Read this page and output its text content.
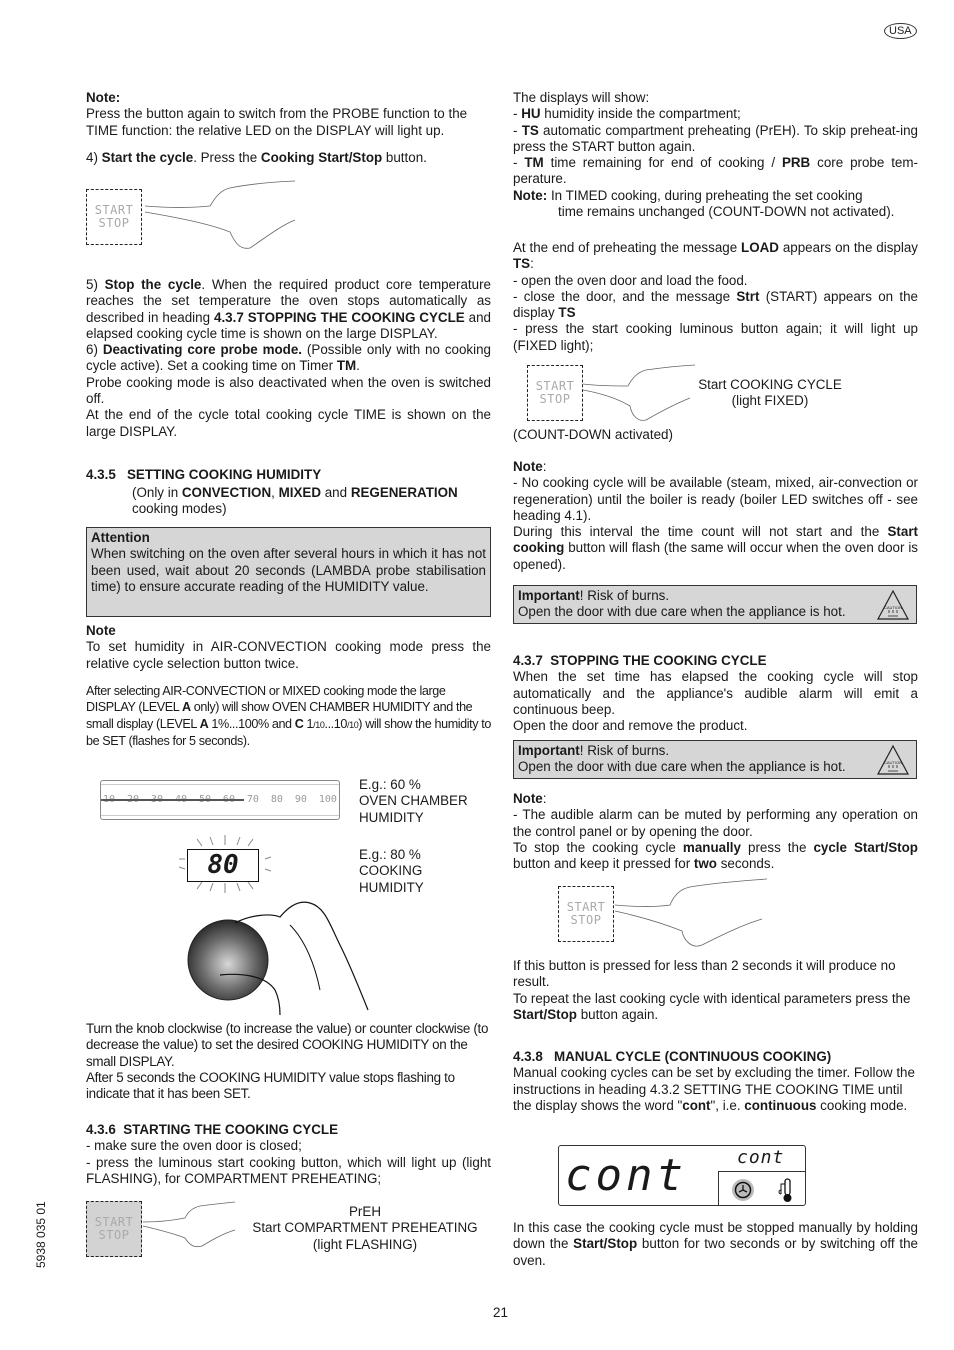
USA

Note:

Press the button again to switch from the PROBE function to the TIME function: the relative LED on the DISPLAY will light up.

4) Start the cycle. Press the Cooking Start/Stop button.
START
STOP
5) Stop the cycle. When the required product core temperature reaches the set temperature the oven stops automatically as described in heading 4.3.7 STOPPING THE COOKING CYCLE and elapsed cooking cycle time is shown on the large DISPLAY.
6) Deactivating core probe mode. (Possible only with no cooking cycle active). Set a cooking time on Timer TM.

Probe cooking mode is also deactivated when the oven is switched off.

At the end of the cycle total cooking cycle TIME is shown on the large DISPLAY.

4.3.5 SETTING COOKING HUMIDITY
(Only in CONVECTION, MIXED and REGENERATION
cooking modes)

Attention

When switching on the oven after several hours in which it has not been used, wait about 20 seconds (LAMBDA probe stabilisation time) to ensure accurate reading of the HUMIDITY value.

Note

To set humidity in AIR-CONVECTION cooking mode press the relative cycle selection button twice.

After selecting AIR-CONVECTION or MIXED cooking mode the large DISPLAY (LEVEL A only) will show OVEN CHAMBER HUMIDITY and the small display (LEVEL A 1%...100% and C 1/10...10/10) will show the humidity to be SET (flashes for 5 seconds).
70 80 90 100

E.g.: 60 %

OVEN CHAMBER

HUMIDITY

80	E.g.: 80 %

COOKING

HUMIDITY

Turn the knob clockwise (to increase the value) or counter clockwise (to decrease the value) to set the desired COOKING HUMIDITY on the small DISPLAY.

After 5 seconds the COOKING HUMIDITY value stops flashing to indicate that it has been SET.

4.3.6 STARTING THE COOKING CYCLE

- make sure the oven door is closed;

- press the luminous start cooking button, which will light up (light FLASHING), for COMPARTMENT PREHEATING;

START
STOP

PrEH

Start COMPARTMENT PREHEATING

(light FLASHING)

5938 035 01

The displays will show:

- HU humidity inside the compartment;

- TS automatic compartment preheating (PrEH). To skip preheat-ing press the START button again.

- TM time remaining for end of cooking / PRB core probe tem-perature.

Note: In TIMED cooking, during preheating the set cooking

time remains unchanged (COUNT-DOWN not activated).

At the end of preheating the message LOAD appears on the display TS:

- open the oven door and load the food.

- close the door, and the message Strt (START) appears on the display TS

- press the start cooking luminous button again; it will light up (FIXED light);

START
STOP

Start COOKING CYCLE

(light FIXED)

(COUNT-DOWN activated)

Note:

- No cooking cycle will be available (steam, mixed, air-convection or regeneration) until the boiler is ready (boiler LED switches off - see heading 4.1).

During this interval the time count will not start and the Start cooking button will flash (the same will occur when the oven door is opened).

Important! Risk of burns.

Open the door with due care when the appliance is hot.	CAUTION

4.3.7 STOPPING THE COOKING CYCLE

When the set time has elapsed the cooking cycle will stop automatically and the appliance's audible alarm will emit a continuous beep.

Open the door and remove the product.

Important! Risk of burns.

Open the door with due care when the appliance is hot.	CAUTION

Note:

- The audible alarm can be muted by performing any operation on the control panel or by opening the door.

To stop the cooking cycle manually press the cycle Start/Stop button and keep it pressed for two seconds.

START
STOP

If this button is pressed for less than 2 seconds it will produce no result.

To repeat the last cooking cycle with identical parameters press the Start/Stop button again.

4.3.8 MANUAL CYCLE (CONTINUOUS COOKING)

Manual cooking cycles can be set by excluding the timer. Follow the instructions in heading 4.3.2 SETTING THE COOKING TIME until the display shows the word "cont", i.e. continuous cooking mode.

cont	cont
In this case the cooking cycle must be stopped manually by holding down the Start/Stop button for two seconds or by switching off the oven.
21
